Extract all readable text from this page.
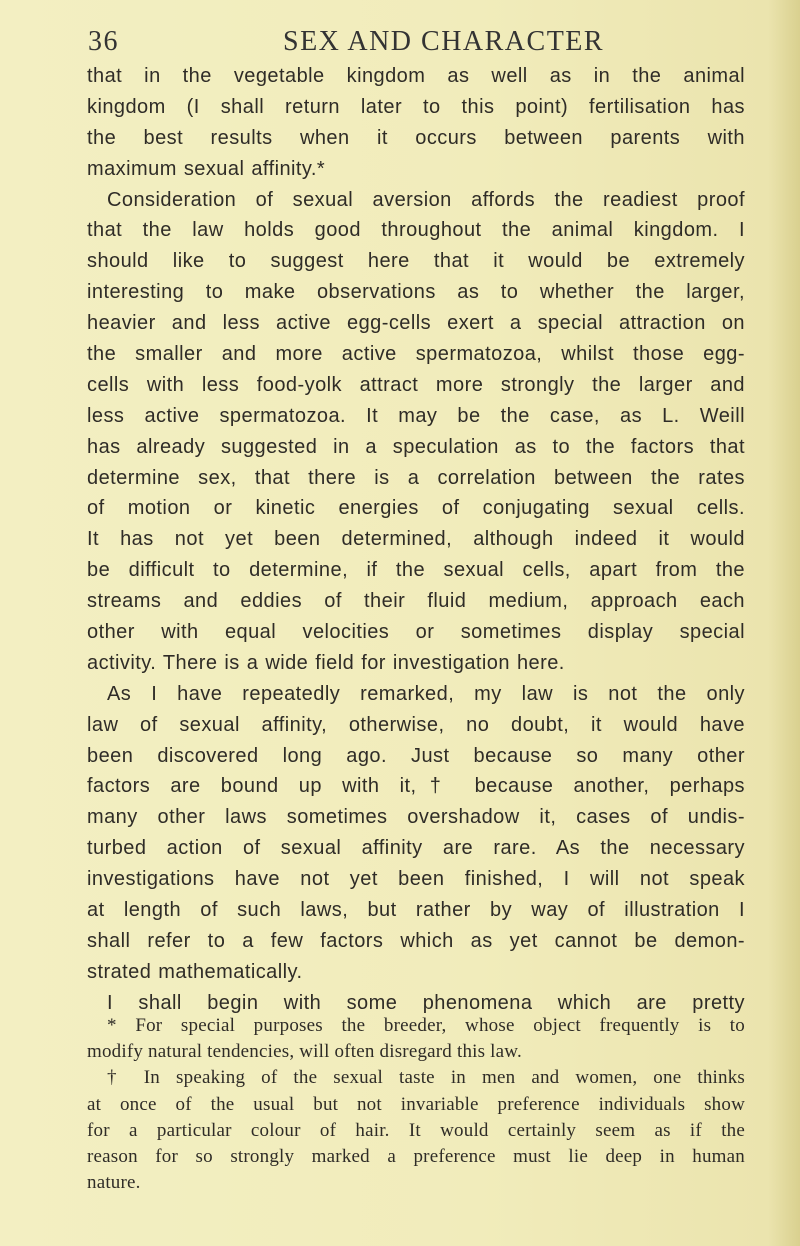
36	SEX AND CHARACTER
that in the vegetable kingdom as well as in the animal
kingdom (I shall return later to this point) fertilisation has
the best results when it occurs between parents with
maximum sexual affinity.*
Consideration of sexual aversion affords the readiest proof
that the law holds good throughout the animal kingdom. I
should like to suggest here that it would be extremely
interesting to make observations as to whether the larger,
heavier and less active egg-cells exert a special attraction on
the smaller and more active spermatozoa, whilst those egg-
cells with less food-yolk attract more strongly the larger and
less active spermatozoa. It may be the case, as L. Weill
has already suggested in a speculation as to the factors that
determine sex, that there is a correlation between the rates
of motion or kinetic energies of conjugating sexual cells.
It has not yet been determined, although indeed it would
be difficult to determine, if the sexual cells, apart from the
streams and eddies of their fluid medium, approach each
other with equal velocities or sometimes display special
activity. There is a wide field for investigation here.
As I have repeatedly remarked, my law is not the only
law of sexual affinity, otherwise, no doubt, it would have
been discovered long ago. Just because so many other
factors are bound up with it,† because another, perhaps
many other laws sometimes overshadow it, cases of undis-
turbed action of sexual affinity are rare. As the necessary
investigations have not yet been finished, I will not speak
at length of such laws, but rather by way of illustration I
shall refer to a few factors which as yet cannot be demon-
strated mathematically.
I shall begin with some phenomena which are pretty
* For special purposes the breeder, whose object frequently is to
modify natural tendencies, will often disregard this law.
† In speaking of the sexual taste in men and women, one thinks
at once of the usual but not invariable preference individuals show
for a particular colour of hair. It would certainly seem as if the
reason for so strongly marked a preference must lie deep in human
nature.
